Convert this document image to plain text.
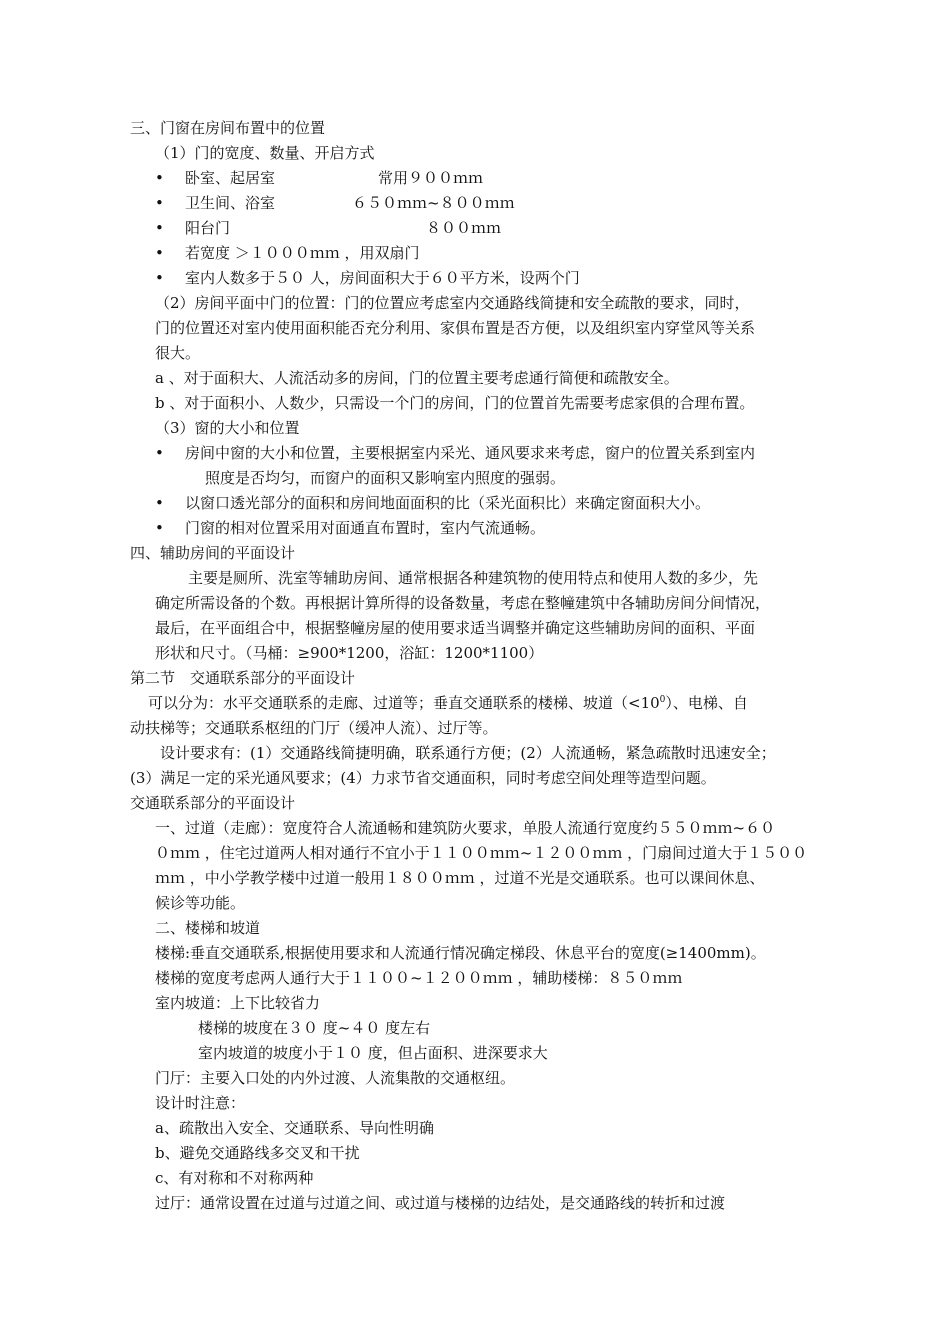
三、门窗在房间布置中的位置
（1）门的宽度、数量、开启方式
• 卧室、起居室	常用９００ｍｍ
• 卫生间、浴室	６５０ｍｍ~８００ｍｍ
• 阳台门	８００ｍｍ
• 若宽度 ＞１０００ｍｍ ，用双扇门
• 室内人数多于５０ 人，房间面积大于６０平方米，设两个门
（2）房间平面中门的位置：门的位置应考虑室内交通路线简捷和安全疏散的要求，同时，
门的位置还对室内使用面积能否充分利用、家俱布置是否方便，以及组织室内穿堂风等关系
很大。
a 、对于面积大、人流活动多的房间，门的位置主要考虑通行简便和疏散安全。
b 、对于面积小、人数少，只需设一个门的房间，门的位置首先需要考虑家俱的合理布置。
（3）窗的大小和位置
• 房间中窗的大小和位置，主要根据室内采光、通风要求来考虑，窗户的位置关系到室内
照度是否均匀，而窗户的面积又影响室内照度的强弱。
• 以窗口透光部分的面积和房间地面面积的比（采光面积比）来确定窗面积大小。
• 门窗的相对位置采用对面通直布置时，室内气流通畅。
四、辅助房间的平面设计
主要是厕所、洗室等辅助房间、通常根据各种建筑物的使用特点和使用人数的多少，先
确定所需设备的个数。再根据计算所得的设备数量，考虑在整幢建筑中各辅助房间分间情况，
最后，在平面组合中，根据整幢房屋的使用要求适当调整并确定这些辅助房间的面积、平面
形状和尺寸。（马桶：≥900*1200，浴缸：1200*1100）
第二节　交通联系部分的平面设计
可以分为：水平交通联系的走廊、过道等；垂直交通联系的楼梯、坡道$(<10^0)$、电梯、自
动扶梯等；交通联系枢纽的门厅（缓冲人流）、过厅等。
设计要求有：(1）交通路线简捷明确，联系通行方便；(2）人流通畅，紧急疏散时迅速安全；
(3）满足一定的采光通风要求；(4）力求节省交通面积，同时考虑空间处理等造型问题。
交通联系部分的平面设计
一、过道（走廊）：宽度符合人流通畅和建筑防火要求，单股人流通行宽度约５５０ｍｍ~６０
０ｍｍ ，住宅过道两人相对通行不宜小于１１００ｍｍ~１２００ｍｍ ，门扇间过道大于１５００
ｍｍ ，中小学教学楼中过道一般用１８００ｍｍ ，过道不光是交通联系。也可以课间休息、
候诊等功能。
二、楼梯和坡道
楼梯:垂直交通联系,根据使用要求和人流通行情况确定梯段、休息平台的宽度(≥1400mm)。
楼梯的宽度考虑两人通行大于１１００~１２００ｍｍ ，辅助楼梯：８５０ｍｍ
室内坡道：上下比较省力
楼梯的坡度在３０ 度~４０ 度左右
室内坡道的坡度小于１０ 度，但占面积、进深要求大
门厅：主要入口处的内外过渡、人流集散的交通枢纽。
设计时注意：
a、疏散出入安全、交通联系、导向性明确
b、避免交通路线多交叉和干扰
c、有对称和不对称两种
过厅：通常设置在过道与过道之间、或过道与楼梯的边结处，是交通路线的转折和过渡
